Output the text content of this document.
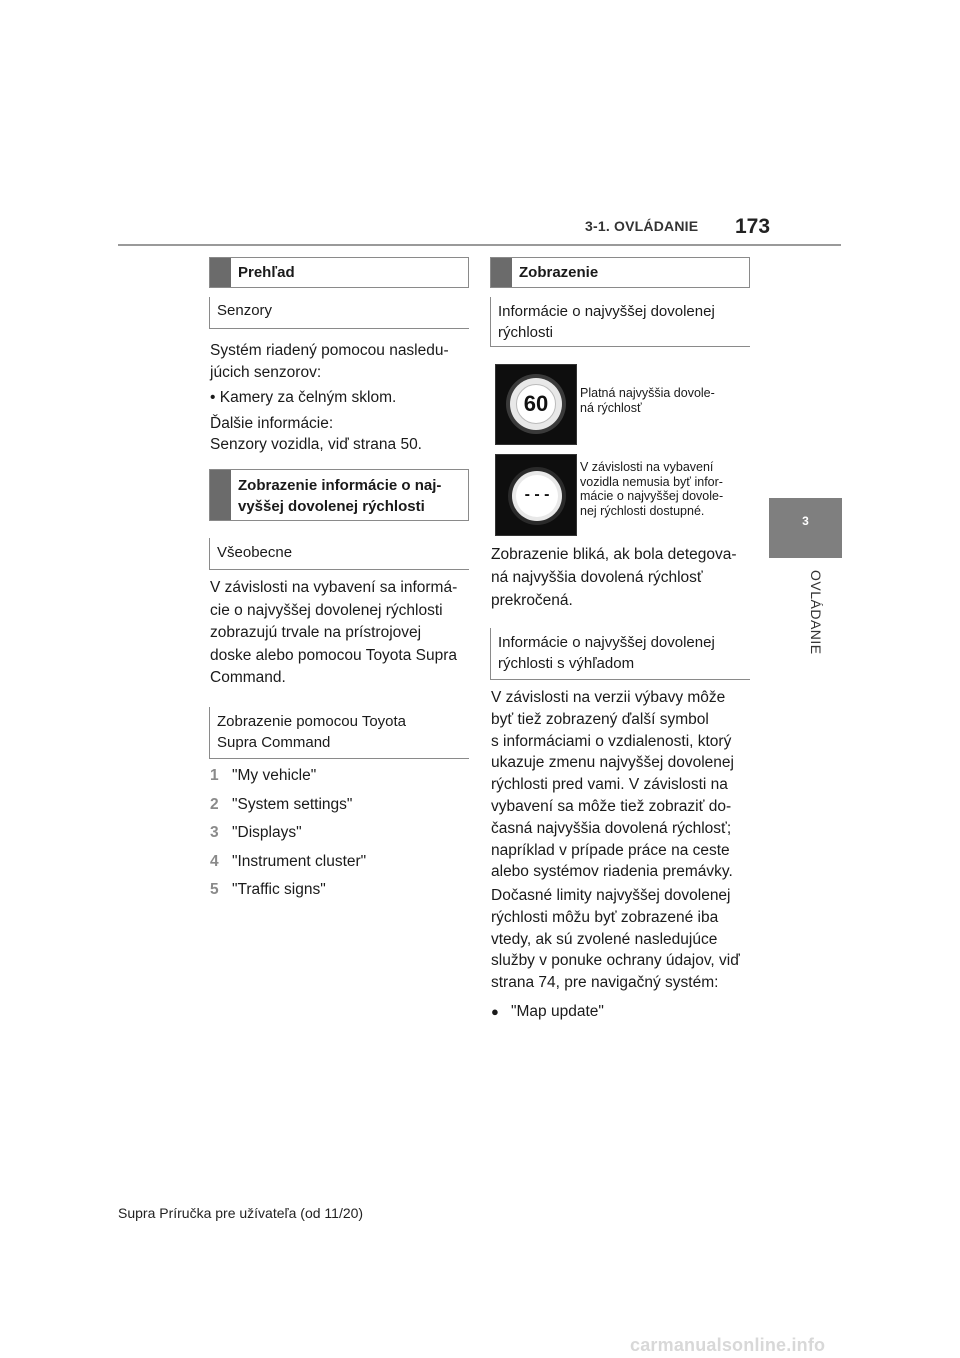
3-1. OVLÁDANIE 173
3
OVLÁDANIE
Prehľad
Senzory
Systém riadený pomocou nasledu-
júcich senzorov:
• Kamery za čelným sklom.
Ďalšie informácie:
Senzory vozidla, viď strana 50.
Zobrazenie informácie o naj-
vyššej dovolenej rýchlosti
Všeobecne
V závislosti na vybavení sa informá-
cie o najvyššej dovolenej rýchlosti
zobrazujú trvale na prístrojovej
doske alebo pomocou Toyota Supra
Command.
Zobrazenie pomocou Toyota
Supra Command
1 "My vehicle"
2 "System settings"
3 "Displays"
4 "Instrument cluster"
5 "Traffic signs"
Zobrazenie
Informácie o najvyššej dovolenej
rýchlosti
60	Platná najvyššia dovole-
ná rýchlosť
- - -
V závislosti na vybavení
vozidla nemusia byť infor-
mácie o najvyššej dovole-
nej rýchlosti dostupné.
Zobrazenie bliká, ak bola detegova-
ná najvyššia dovolená rýchlosť
prekročená.
Informácie o najvyššej dovolenej
rýchlosti s výhľadom
V závislosti na verzii výbavy môže
byť tiež zobrazený ďalší symbol
s informáciami o vzdialenosti, ktorý
ukazuje zmenu najvyššej dovolenej
rýchlosti pred vami. V závislosti na
vybavení sa môže tiež zobraziť do-
časná najvyššia dovolená rýchlosť;
napríklad v prípade práce na ceste
alebo systémov riadenia premávky.
Dočasné limity najvyššej dovolenej
rýchlosti môžu byť zobrazené iba
vtedy, ak sú zvolené nasledujúce
služby v ponuke ochrany údajov, viď
strana 74, pre navigačný systém:
● "Map update"
Supra Príručka pre užívateľa (od 11/20)
carmanualsonline.info
